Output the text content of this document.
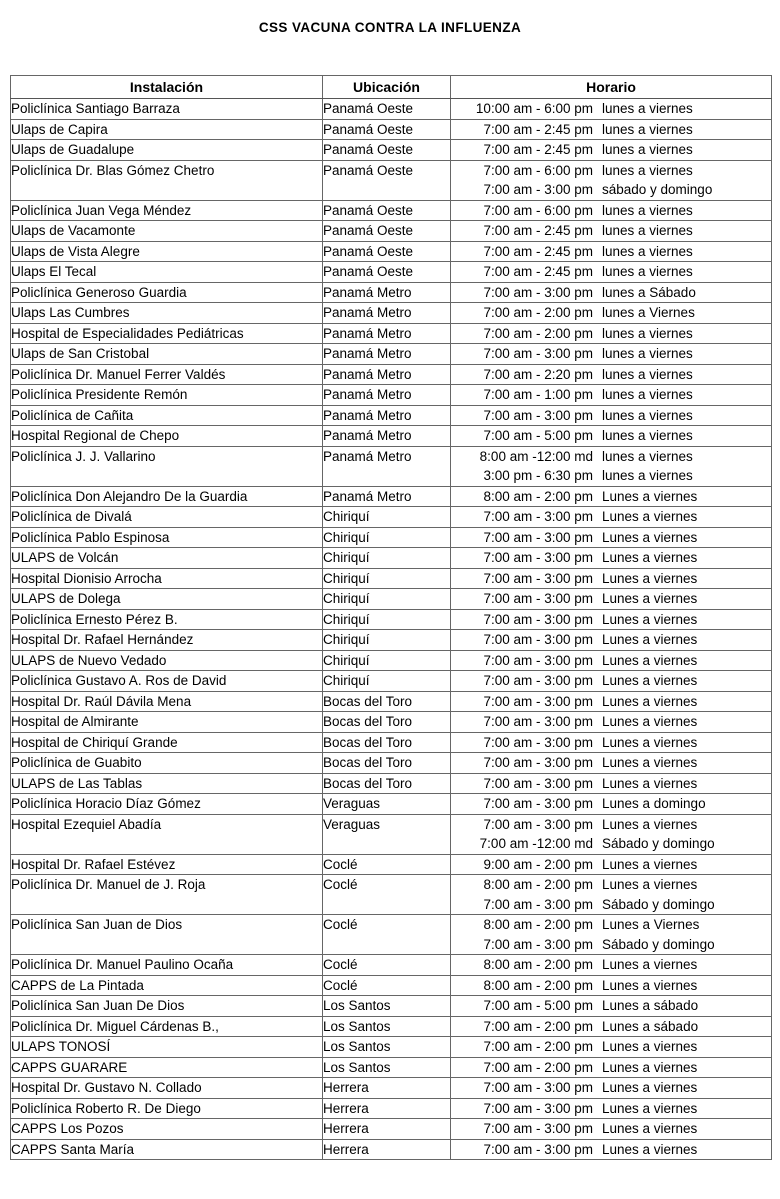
CSS VACUNA CONTRA LA INFLUENZA
Instalación	Ubicación	Horario
Policlínica Santiago Barraza	Panamá Oeste	10:00 am - 6:00 pm lunes a viernes

Ulaps de Capira	Panamá Oeste	7:00 am - 2:45 pm lunes a viernes

Ulaps de Guadalupe	Panamá Oeste	7:00 am - 2:45 pm lunes a viernes

Policlínica Dr. Blas Gómez Chetro	Panamá Oeste	7:00 am - 6:00 pm lunes a viernes
7:00 am - 3:00 pm sábado y domingo

Policlínica Juan Vega Méndez	Panamá Oeste	7:00 am - 6:00 pm lunes a viernes

Ulaps de Vacamonte	Panamá Oeste	7:00 am - 2:45 pm lunes a viernes

Ulaps de Vista Alegre	Panamá Oeste	7:00 am - 2:45 pm lunes a viernes

Ulaps El Tecal	Panamá Oeste	7:00 am - 2:45 pm lunes a viernes

Policlínica Generoso Guardia	Panamá Metro	7:00 am - 3:00 pm lunes a Sábado

Ulaps Las Cumbres	Panamá Metro	7:00 am - 2:00 pm lunes a Viernes

Hospital de Especialidades Pediátricas	Panamá Metro	7:00 am - 2:00 pm lunes a viernes

Ulaps de San Cristobal	Panamá Metro	7:00 am - 3:00 pm lunes a viernes

Policlínica Dr. Manuel Ferrer Valdés	Panamá Metro	7:00 am - 2:20 pm lunes a viernes

Policlínica Presidente Remón	Panamá Metro	7:00 am - 1:00 pm lunes a viernes

Policlínica de Cañita	Panamá Metro	7:00 am - 3:00 pm lunes a viernes

Hospital Regional de Chepo	Panamá Metro	7:00 am - 5:00 pm lunes a viernes

Policlínica J. J. Vallarino	Panamá Metro	8:00 am -12:00 md lunes a viernes
3:00 pm - 6:30 pm lunes a viernes

Policlínica Don Alejandro De la Guardia	Panamá Metro	8:00 am - 2:00 pm Lunes a viernes

Policlínica de Divalá	Chiriquí	7:00 am - 3:00 pm Lunes a viernes

Policlínica Pablo Espinosa	Chiriquí	7:00 am - 3:00 pm Lunes a viernes

ULAPS de Volcán	Chiriquí	7:00 am - 3:00 pm Lunes a viernes

Hospital Dionisio Arrocha	Chiriquí	7:00 am - 3:00 pm Lunes a viernes

ULAPS de Dolega	Chiriquí	7:00 am - 3:00 pm Lunes a viernes

Policlínica Ernesto Pérez B.	Chiriquí	7:00 am - 3:00 pm Lunes a viernes

Hospital Dr. Rafael Hernández	Chiriquí	7:00 am - 3:00 pm Lunes a viernes

ULAPS de Nuevo Vedado	Chiriquí	7:00 am - 3:00 pm Lunes a viernes

Policlínica Gustavo A. Ros de David	Chiriquí	7:00 am - 3:00 pm Lunes a viernes

Hospital Dr. Raúl Dávila Mena	Bocas del Toro	7:00 am - 3:00 pm Lunes a viernes

Hospital de Almirante	Bocas del Toro	7:00 am - 3:00 pm Lunes a viernes

Hospital de Chiriquí Grande	Bocas del Toro	7:00 am - 3:00 pm Lunes a viernes

Policlínica de Guabito	Bocas del Toro	7:00 am - 3:00 pm Lunes a viernes

ULAPS de Las Tablas	Bocas del Toro	7:00 am - 3:00 pm Lunes a viernes

Policlínica Horacio Díaz Gómez	Veraguas	7:00 am - 3:00 pm Lunes a domingo

Hospital Ezequiel Abadía	Veraguas	7:00 am - 3:00 pm Lunes a viernes
7:00 am -12:00 md Sábado y domingo

Hospital Dr. Rafael Estévez	Coclé	9:00 am - 2:00 pm Lunes a viernes

Policlínica Dr. Manuel de J. Roja	Coclé	8:00 am - 2:00 pm Lunes a viernes
7:00 am - 3:00 pm Sábado y domingo

Policlínica San Juan de Dios	Coclé	8:00 am - 2:00 pm Lunes a Viernes
7:00 am - 3:00 pm Sábado y domingo

Policlínica Dr. Manuel Paulino Ocaña	Coclé	8:00 am - 2:00 pm Lunes a viernes

CAPPS de La Pintada	Coclé	8:00 am - 2:00 pm Lunes a viernes

Policlínica San Juan De Dios	Los Santos	7:00 am - 5:00 pm Lunes a sábado

Policlínica Dr. Miguel Cárdenas B.,	Los Santos	7:00 am - 2:00 pm Lunes a sábado

ULAPS TONOSÍ	Los Santos	7:00 am - 2:00 pm Lunes a viernes

CAPPS GUARARE	Los Santos	7:00 am - 2:00 pm Lunes a viernes

Hospital Dr. Gustavo N. Collado	Herrera	7:00 am - 3:00 pm Lunes a viernes

Policlínica Roberto R. De Diego	Herrera	7:00 am - 3:00 pm Lunes a viernes

CAPPS Los Pozos	Herrera	7:00 am - 3:00 pm Lunes a viernes

CAPPS Santa María	Herrera	7:00 am - 3:00 pm Lunes a viernes
